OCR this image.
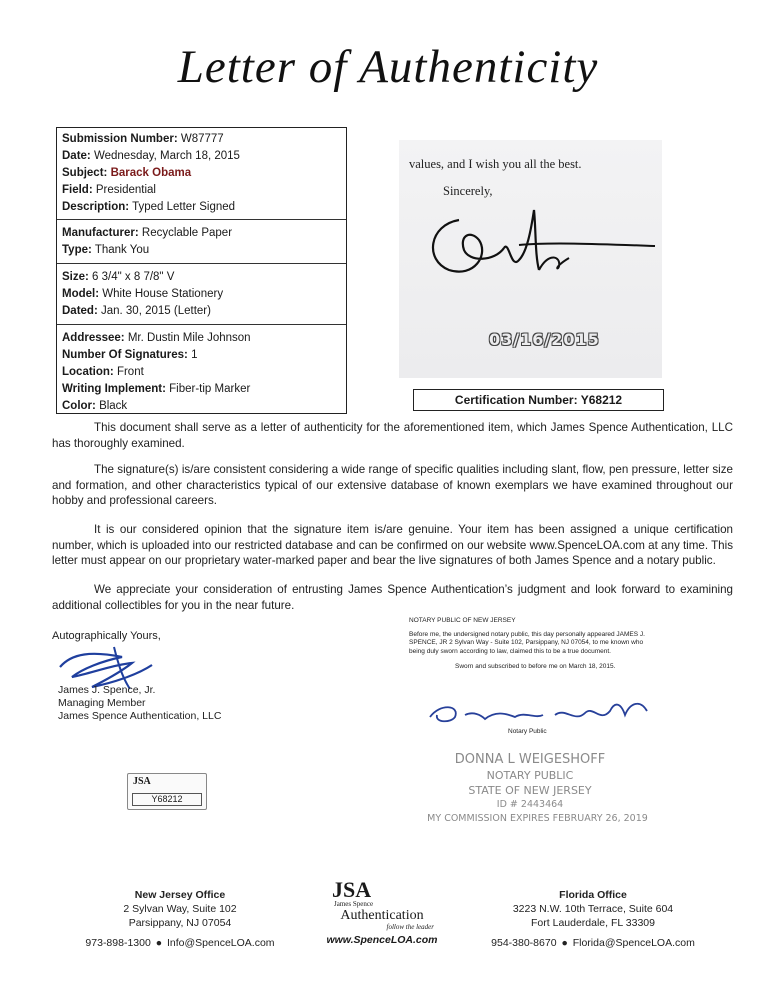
Letter of Authenticity
Submission Number: W87777
Date: Wednesday, March 18, 2015
Subject: Barack Obama
Field: Presidential
Description: Typed Letter Signed
Manufacturer: Recyclable Paper
Type: Thank You
Size: 6 3/4" x 8 7/8" V
Model: White House Stationery
Dated: Jan. 30, 2015 (Letter)
Addressee: Mr. Dustin Mile Johnson
Number Of Signatures: 1
Location: Front
Writing Implement: Fiber-tip Marker
Color: Black
values, and I wish you all the best.
Sincerely,
03/16/2015
Certification Number: Y68212
This document shall serve as a letter of authenticity for the aforementioned item, which James Spence Authentication, LLC has thoroughly examined.
The signature(s) is/are consistent considering a wide range of specific qualities including slant, flow, pen pressure, letter size and formation, and other characteristics typical of our extensive database of known exemplars we have examined throughout our hobby and professional careers.
It is our considered opinion that the signature item is/are genuine. Your item has been assigned a unique certification number, which is uploaded into our restricted database and can be confirmed on our website www.SpenceLOA.com at any time. This letter must appear on our proprietary water-marked paper and bear the live signatures of both James Spence and a notary public.
We appreciate your consideration of entrusting James Spence Authentication’s judgment and look forward to examining additional collectibles for you in the near future.
Autographically Yours,
James J. Spence, Jr.
Managing Member
James Spence Authentication, LLC
NOTARY PUBLIC OF NEW JERSEY
Before me, the undersigned notary public, this day personally appeared JAMES J. SPENCE, JR 2 Sylvan Way - Suite 102, Parsippany, NJ 07054, to me known who being duly sworn according to law, claimed this to be a true document.
Sworn and subscribed to before me on March 18, 2015.
Notary Public
DONNA L WEIGESHOFF
NOTARY PUBLIC
STATE OF NEW JERSEY
ID # 2443464
MY COMMISSION EXPIRES FEBRUARY 26, 2019
JSA
Y68212
New Jersey Office
2 Sylvan Way, Suite 102
Parsippany, NJ 07054
973-898-1300 ● Info@SpenceLOA.com
JSA
James Spence
Authentication
follow the leader
www.SpenceLOA.com
Florida Office
3223 N.W. 10th Terrace, Suite 604
Fort Lauderdale, FL 33309
954-380-8670 ● Florida@SpenceLOA.com
